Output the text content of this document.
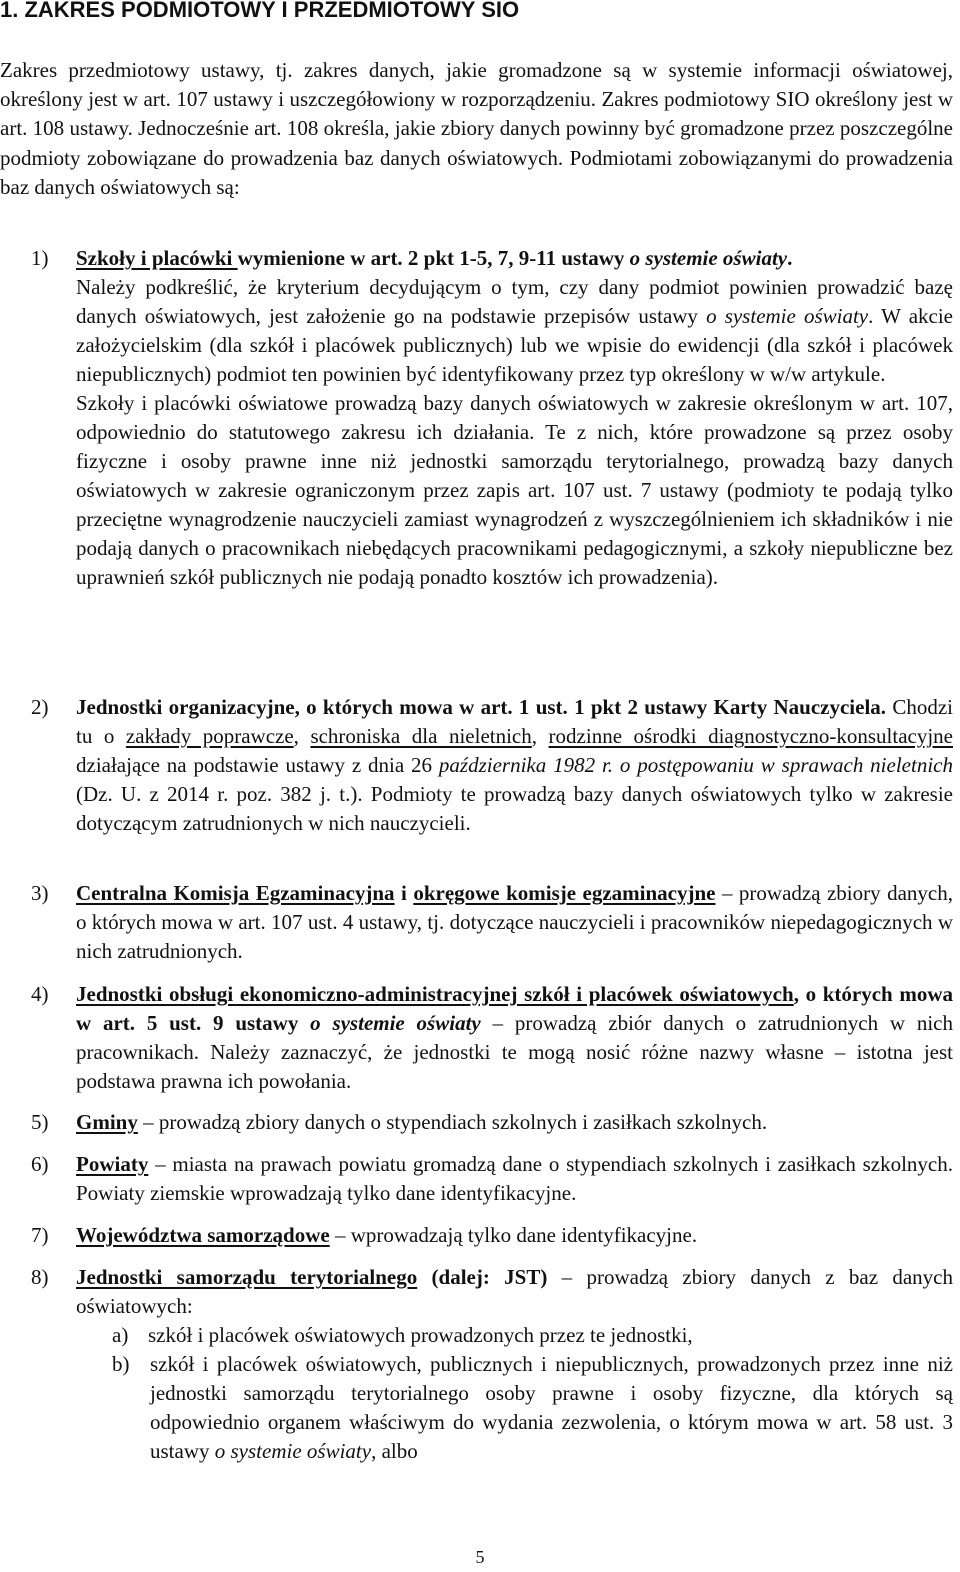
1. ZAKRES PODMIOTOWY I PRZEDMIOTOWY SIO

Zakres przedmiotowy ustawy, tj. zakres danych, jakie gromadzone są w systemie informacji oświatowej, określony jest w art. 107 ustawy i uszczegółowiony w rozporządzeniu. Zakres podmiotowy SIO określony jest w art. 108 ustawy. Jednocześnie art. 108 określa, jakie zbiory danych powinny być gromadzone przez poszczególne podmioty zobowiązane do prowadzenia baz danych oświatowych. Podmiotami zobowiązanymi do prowadzenia baz danych oświatowych są:

1) Szkoły i placówki wymienione w art. 2 pkt 1-5, 7, 9-11 ustawy o systemie oświaty.

Należy podkreślić, że kryterium decydującym o tym, czy dany podmiot powinien prowadzić bazę danych oświatowych, jest założenie go na podstawie przepisów ustawy o systemie oświaty. W akcie założycielskim (dla szkół i placówek publicznych) lub we wpisie do ewidencji (dla szkół i placówek niepublicznych) podmiot ten powinien być identyfikowany przez typ określony w w/w artykule.

Szkoły i placówki oświatowe prowadzą bazy danych oświatowych w zakresie określonym w art. 107, odpowiednio do statutowego zakresu ich działania. Te z nich, które prowadzone są przez osoby fizyczne i osoby prawne inne niż jednostki samorządu terytorialnego, prowadzą bazy danych oświatowych w zakresie ograniczonym przez zapis art. 107 ust. 7 ustawy (podmioty te podają tylko przeciętne wynagrodzenie nauczycieli zamiast wynagrodzeń z wyszczególnieniem ich składników i nie podają danych o pracownikach niebędących pracownikami pedagogicznymi, a szkoły niepubliczne bez uprawnień szkół publicznych nie podają ponadto kosztów ich prowadzenia).

2) Jednostki organizacyjne, o których mowa w art. 1 ust. 1 pkt 2 ustawy Karty Nauczyciela. Chodzi tu o zakłady poprawcze, schroniska dla nieletnich, rodzinne ośrodki diagnostyczno-konsultacyjne działające na podstawie ustawy z dnia 26 października 1982 r. o postępowaniu w sprawach nieletnich (Dz. U. z 2014 r. poz. 382 j. t.). Podmioty te prowadzą bazy danych oświatowych tylko w zakresie dotyczącym zatrudnionych w nich nauczycieli.
3) Centralna Komisja Egzaminacyjna i okręgowe komisje egzaminacyjne – prowadzą zbiory danych, o których mowa w art. 107 ust. 4 ustawy, tj. dotyczące nauczycieli i pracowników niepedagogicznych w nich zatrudnionych.
4) Jednostki obsługi ekonomiczno-administracyjnej szkół i placówek oświatowych, o których mowa w art. 5 ust. 9 ustawy o systemie oświaty – prowadzą zbiór danych o zatrudnionych w nich pracownikach. Należy zaznaczyć, że jednostki te mogą nosić różne nazwy własne – istotna jest podstawa prawna ich powołania.
5) Gminy – prowadzą zbiory danych o stypendiach szkolnych i zasiłkach szkolnych.
6) Powiaty – miasta na prawach powiatu gromadzą dane o stypendiach szkolnych i zasiłkach szkolnych. Powiaty ziemskie wprowadzają tylko dane identyfikacyjne.
7) Województwa samorządowe – wprowadzają tylko dane identyfikacyjne.
8) Jednostki samorządu terytorialnego (dalej: JST) – prowadzą zbiory danych z baz danych oświatowych:
a) szkół i placówek oświatowych prowadzonych przez te jednostki,
b) szkół i placówek oświatowych, publicznych i niepublicznych, prowadzonych przez inne niż jednostki samorządu terytorialnego osoby prawne i osoby fizyczne, dla których są odpowiednio organem właściwym do wydania zezwolenia, o którym mowa w art. 58 ust. 3 ustawy o systemie oświaty, albo
5
